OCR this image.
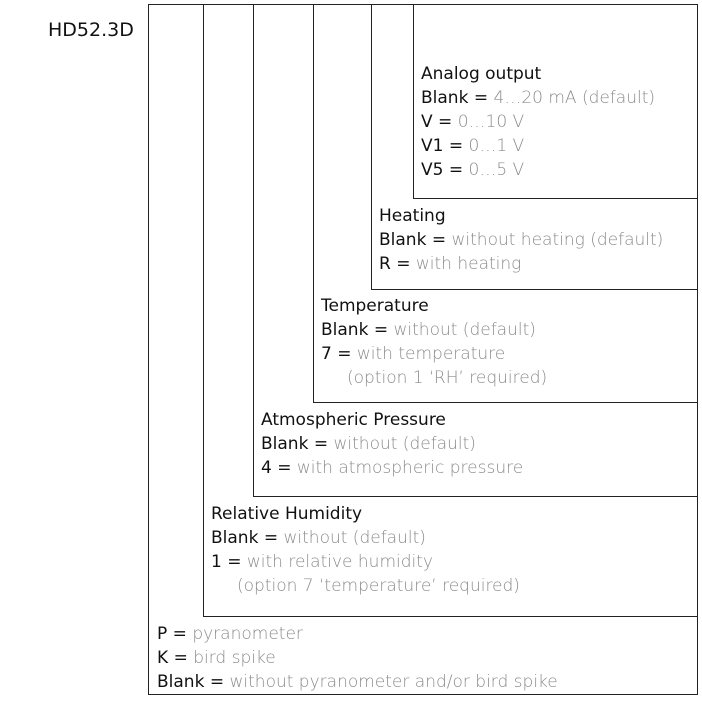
HD52.3D
Analog output
Blank = 4…20 mA (default)
V = 0…10 V
V1 = 0…1 V
V5 = 0…5 V
Heating
Blank = without heating (default)
R = with heating
Temperature
Blank = without (default)
7 = with temperature
(option 1 ‘RH’ required)
Atmospheric Pressure
Blank = without (default)
4 = with atmospheric pressure
Relative Humidity
Blank = without (default)
1 = with relative humidity
(option 7 ‘temperature’ required)
P = pyranometer
K = bird spike
Blank = without pyranometer and/or bird spike
